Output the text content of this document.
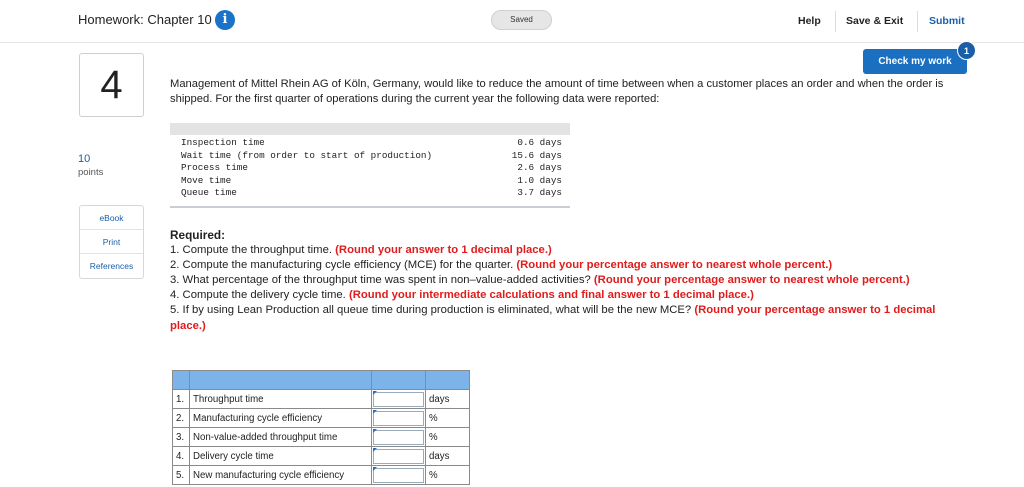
Homework: Chapter 10 i	Saved	Help Save & Exit Submit
Check my work
1
4
10
points
eBook
Print
References
Management of Mittel Rhein AG of Köln, Germany, would like to reduce the amount of time between when a customer places an order and when the order is shipped. For the first quarter of operations during the current year the following data were reported:
Inspection time	0.6 days
Wait time (from order to start of production)	15.6 days
Process time	2.6 days
Move time	1.0 days
Queue time	3.7 days
Required:
1. Compute the throughput time. (Round your answer to 1 decimal place.)
2. Compute the manufacturing cycle efficiency (MCE) for the quarter. (Round your percentage answer to nearest whole percent.)
3. What percentage of the throughput time was spent in non–value-added activities? (Round your percentage answer to nearest whole percent.)
4. Compute the delivery cycle time. (Round your intermediate calculations and final answer to 1 decimal place.)
5. If by using Lean Production all queue time during production is eliminated, what will be the new MCE? (Round your percentage answer to 1 decimal place.)

1.	Throughput time		days
2.	Manufacturing cycle efficiency		%
3.	Non-value-added throughput time		%
4.	Delivery cycle time		days
5.	New manufacturing cycle efficiency		%
